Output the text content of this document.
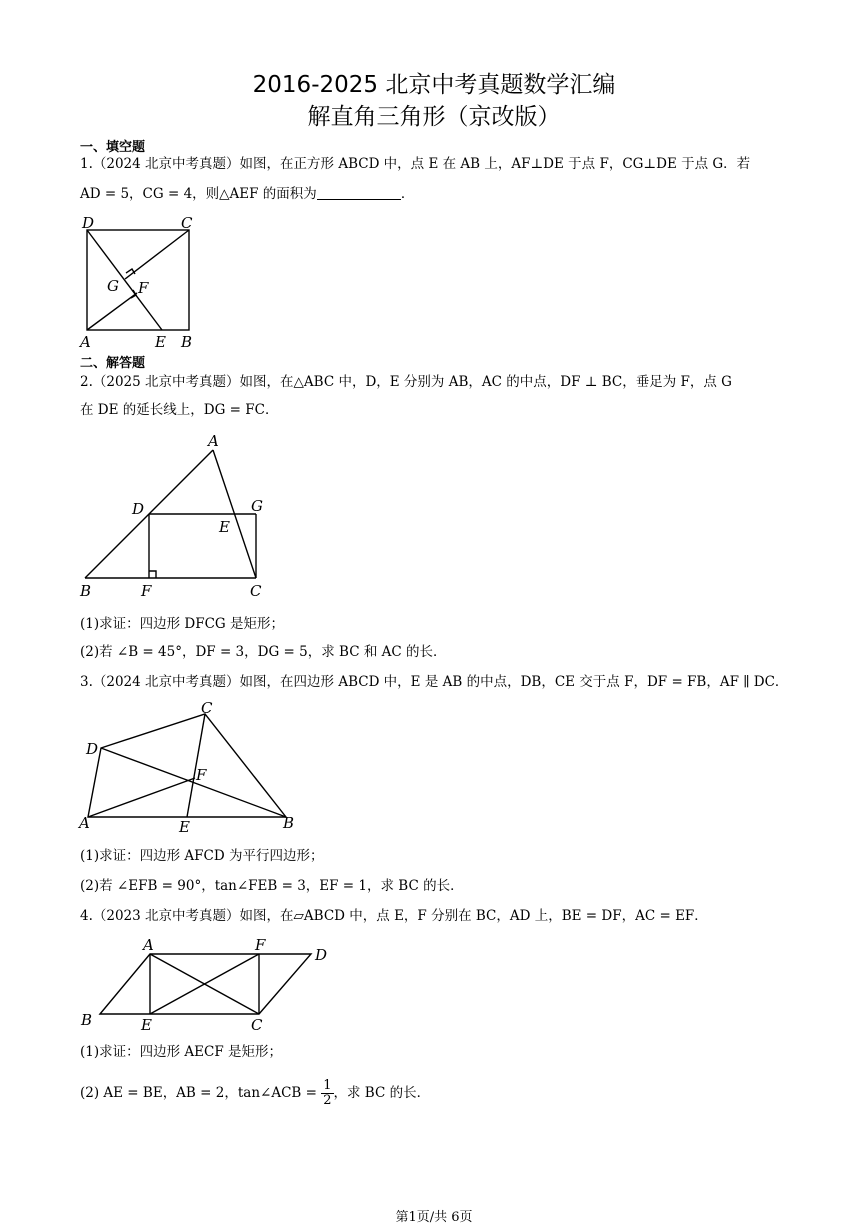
2016-2025 北京中考真题数学汇编
解直角三角形（京改版）
一、填空题
1.（2024 北京中考真题）如图，在正方形 ABCD 中，点 E 在 AB 上，AF⊥DE 于点 F，CG⊥DE 于点 G．若
AD = 5，CG = 4，则△AEF 的面积为	．
D	C
G F
A	E B
二、解答题
2.（2025 北京中考真题）如图，在△ABC 中，D，E 分别为 AB，AC 的中点，DF ⊥ BC，垂足为 F，点 G
在 DE 的延长线上，DG = FC．
A
D	G
E
B	F	C
(1)求证：四边形 DFCG 是矩形；
(2)若 ∠B = 45°，DF = 3，DG = 5，求 BC 和 AC 的长．
3.（2024 北京中考真题）如图，在四边形 ABCD 中，E 是 AB 的中点，DB，CE 交于点 F，DF = FB，AF ∥ DC．
C
D
F
A	E	B
(1)求证：四边形 AFCD 为平行四边形；
(2)若 ∠EFB = 90°，tan∠FEB = 3，EF = 1，求 BC 的长．
4.（2023 北京中考真题）如图，在▱ABCD 中，点 E，F 分别在 BC，AD 上，BE = DF，AC = EF．
A	F
D
B	E	C
(1)求证：四边形 AECF 是矩形；
(2) AE = BE，AB = 2，tan∠ACB = $\frac{1}{2}$ ，求 BC 的长．
第1页/共 6页
